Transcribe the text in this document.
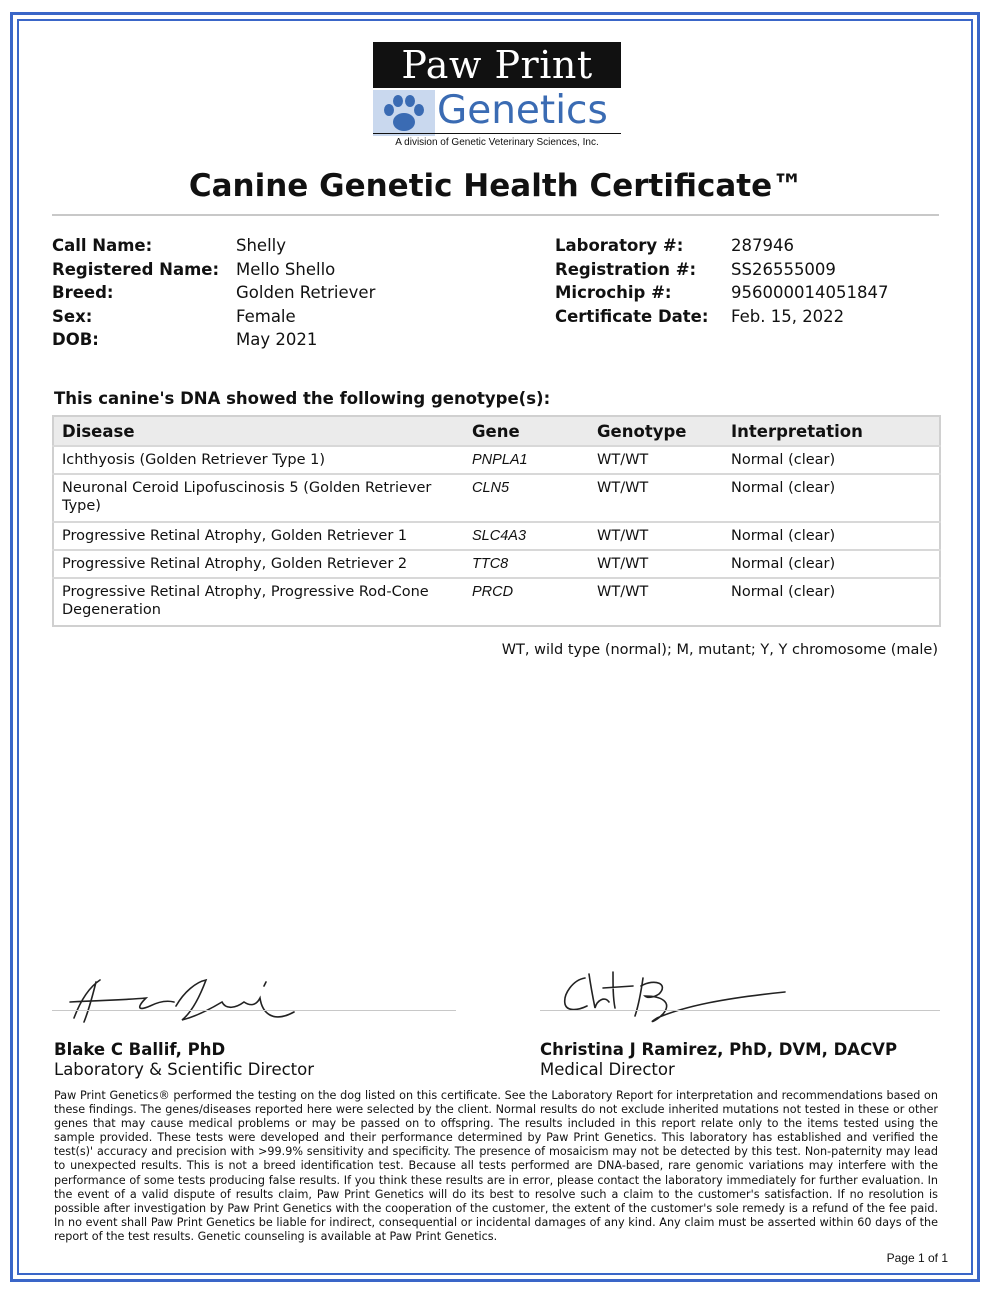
Paw Print
Genetics
A division of Genetic Veterinary Sciences, Inc.
Canine Genetic Health Certificate™
Call Name:	Shelly
Registered Name:	Mello Shello
Breed:	Golden Retriever
Sex:	Female
DOB:	May 2021
Laboratory #:	287946
Registration #:	SS26555009
Microchip #:	956000014051847
Certificate Date:	Feb. 15, 2022
This canine's DNA showed the following genotype(s):
Disease	Gene	Genotype	Interpretation
Ichthyosis (Golden Retriever Type 1)	PNPLA1	WT/WT	Normal (clear)
Neuronal Ceroid Lipofuscinosis 5 (Golden Retriever Type)	CLN5	WT/WT	Normal (clear)
Progressive Retinal Atrophy, Golden Retriever 1	SLC4A3	WT/WT	Normal (clear)
Progressive Retinal Atrophy, Golden Retriever 2	TTC8	WT/WT	Normal (clear)
Progressive Retinal Atrophy, Progressive Rod-Cone Degeneration	PRCD	WT/WT	Normal (clear)
WT, wild type (normal); M, mutant; Y, Y chromosome (male)
Blake C Ballif, PhD
Laboratory & Scientific Director
Christina J Ramirez, PhD, DVM, DACVP
Medical Director
Paw Print Genetics® performed the testing on the dog listed on this certificate. See the Laboratory Report for interpretation and recommendations based on these findings. The genes/diseases reported here were selected by the client. Normal results do not exclude inherited mutations not tested in these or other genes that may cause medical problems or may be passed on to offspring. The results included in this report relate only to the items tested using the sample provided. These tests were developed and their performance determined by Paw Print Genetics. This laboratory has established and verified the test(s)' accuracy and precision with >99.9% sensitivity and specificity. The presence of mosaicism may not be detected by this test. Non-paternity may lead to unexpected results. This is not a breed identification test. Because all tests performed are DNA-based, rare genomic variations may interfere with the performance of some tests producing false results. If you think these results are in error, please contact the laboratory immediately for further evaluation. In the event of a valid dispute of results claim, Paw Print Genetics will do its best to resolve such a claim to the customer's satisfaction. If no resolution is possible after investigation by Paw Print Genetics with the cooperation of the customer, the extent of the customer's sole remedy is a refund of the fee paid. In no event shall Paw Print Genetics be liable for indirect, consequential or incidental damages of any kind. Any claim must be asserted within 60 days of the report of the test results. Genetic counseling is available at Paw Print Genetics.
Page 1 of 1
